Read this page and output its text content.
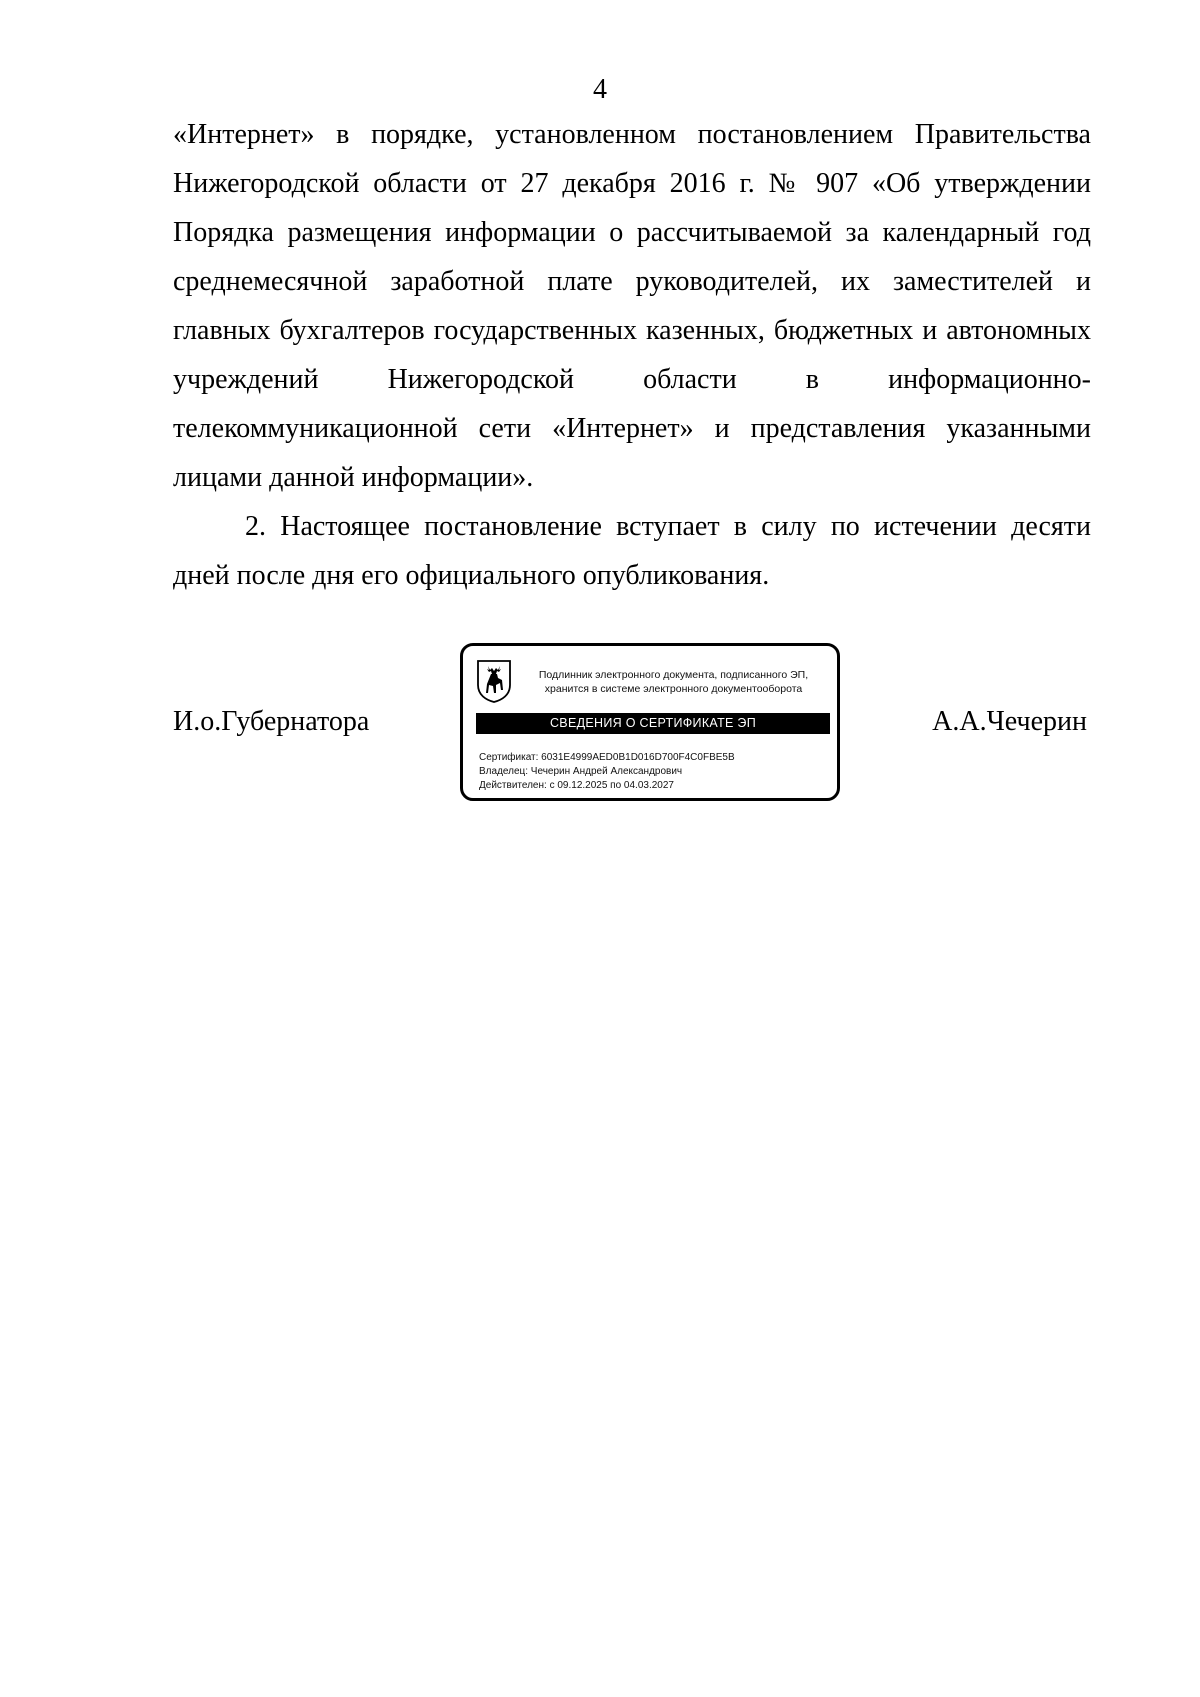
4

«Интернет» в порядке, установленном постановлением Правительства Нижегородской области от 27 декабря 2016 г. № 907 «Об утверждении Порядка размещения информации о рассчитываемой за календарный год среднемесячной заработной плате руководителей, их заместителей и главных бухгалтеров государственных казенных, бюджетных и автономных учреждений Нижегородской области в информационно-телекоммуникационной сети «Интернет» и представления указанными лицами данной информации».

2. Настоящее постановление вступает в силу по истечении десяти дней после дня его официального опубликования.

И.о.Губернатора
Подлинник электронного документа, подписанного ЭП,
хранится в системе электронного документооборота
СВЕДЕНИЯ О СЕРТИФИКАТЕ ЭП
Сертификат: 6031E4999AED0B1D016D700F4C0FBE5B
Владелец: Чечерин Андрей Александрович
Действителен: с 09.12.2025 по 04.03.2027
А.А.Чечерин
